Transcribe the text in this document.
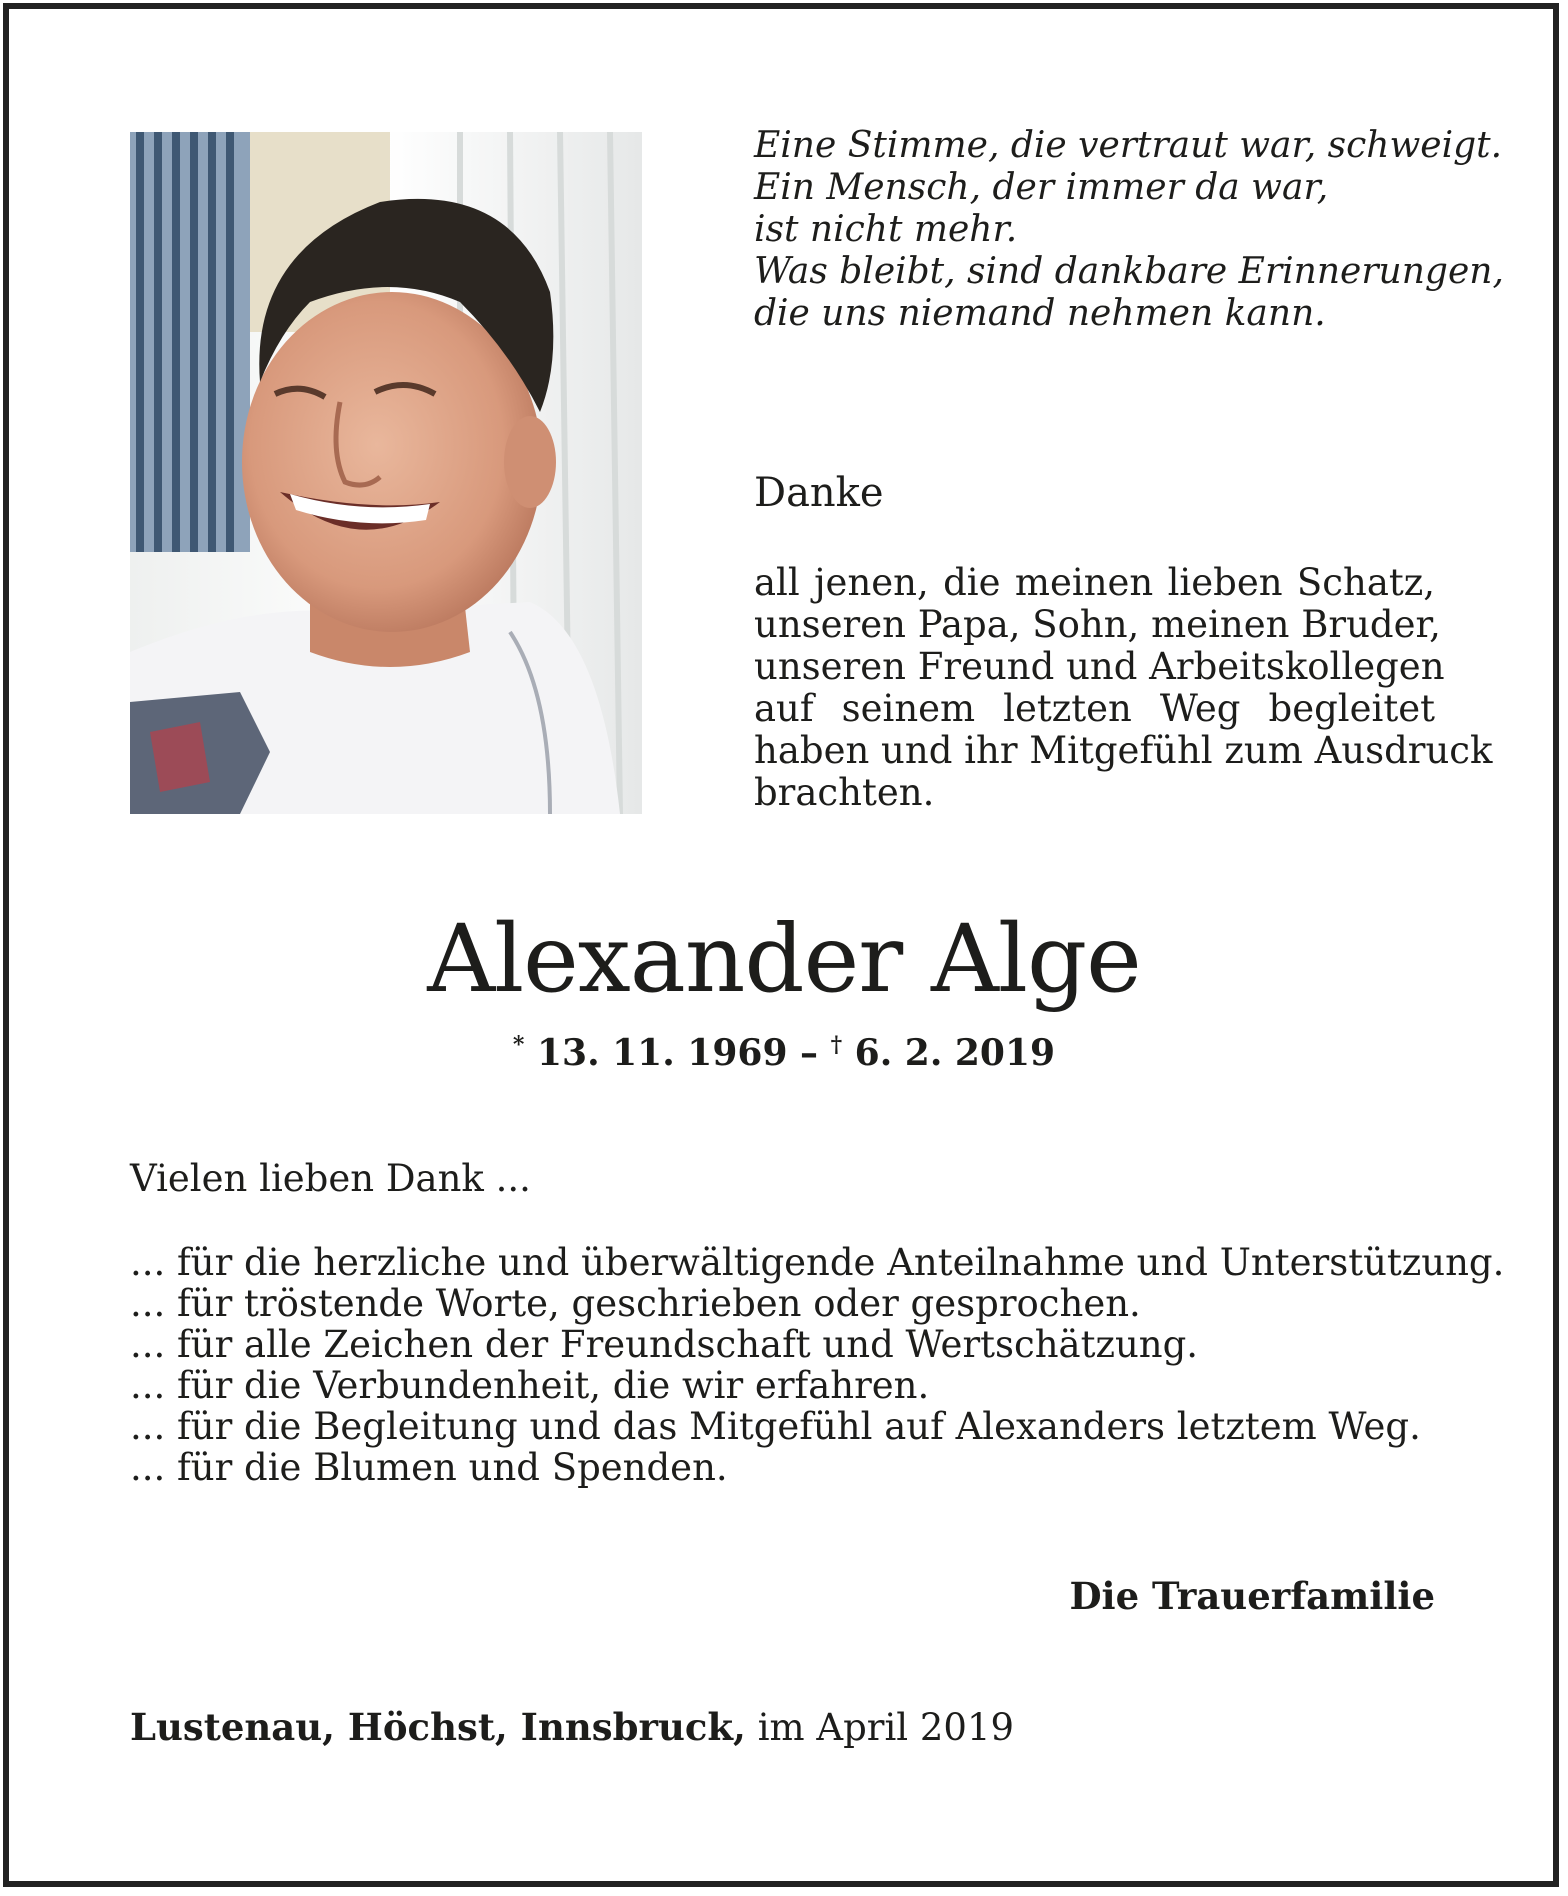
Eine Stimme, die vertraut war, schweigt.
Ein Mensch, der immer da war,
ist nicht mehr.
Was bleibt, sind dankbare Erinnerungen,
die uns niemand nehmen kann.

Danke

all jenen, die meinen lieben Schatz,
unseren Papa, Sohn, meinen Bruder,
unseren Freund und Arbeitskollegen
auf seinem letzten Weg begleitet
haben und ihr Mitgefühl zum Ausdruck
brachten.
Alexander Alge

* 13. 11. 1969 – † 6. 2. 2019

Vielen lieben Dank ...

... für die herzliche und überwältigende Anteilnahme und Unterstützung.
... für tröstende Worte, geschrieben oder gesprochen.
... für alle Zeichen der Freundschaft und Wertschätzung.
... für die Verbundenheit, die wir erfahren.
... für die Begleitung und das Mitgefühl auf Alexanders letztem Weg.
... für die Blumen und Spenden.

Die Trauerfamilie

Lustenau, Höchst, Innsbruck, im April 2019
